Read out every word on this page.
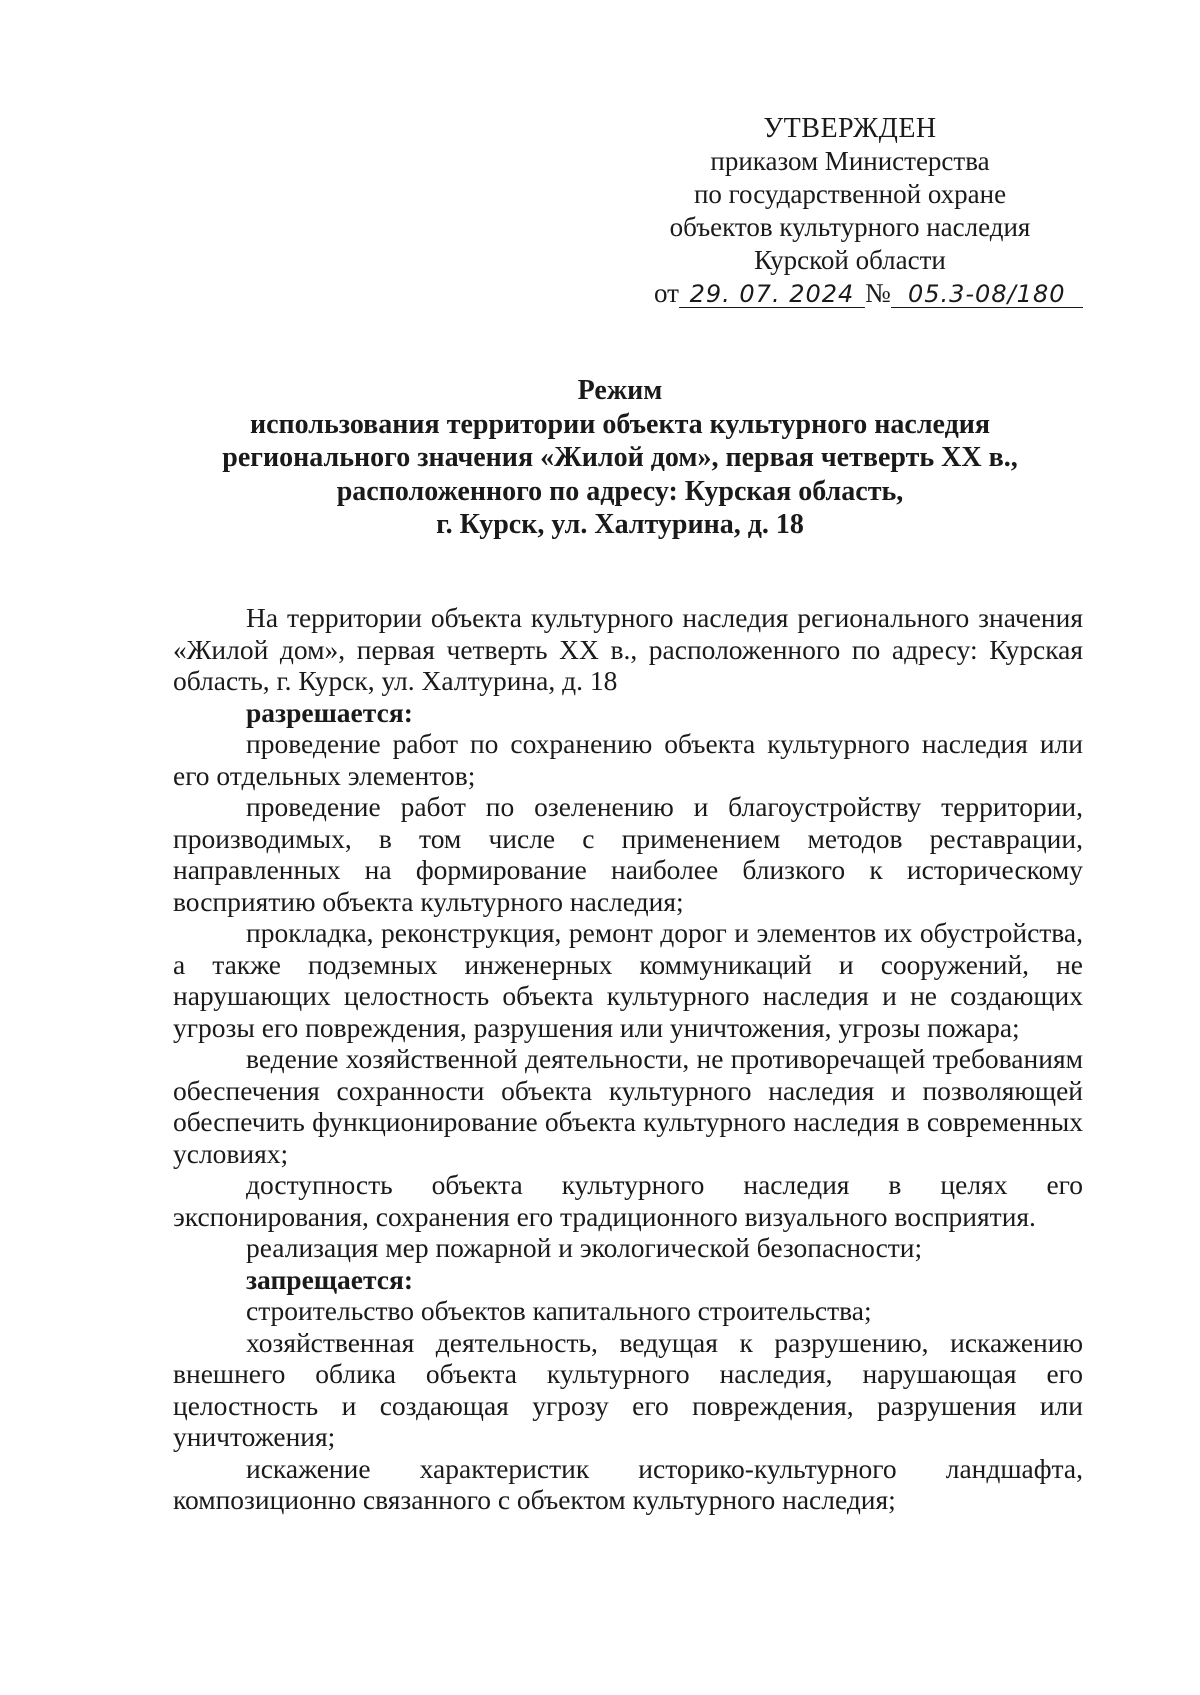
УТВЕРЖДЕН
приказом Министерства
по государственной охране
объектов культурного наследия
Курской области
от 29. 07. 2024 № 05.3-08/180
Режим
использования территории объекта культурного наследия
регионального значения «Жилой дом», первая четверть XX в.,
расположенного по адресу: Курская область,
г. Курск, ул. Халтурина, д. 18

На территории объекта культурного наследия регионального значения «Жилой дом», первая четверть XX в., расположенного по адресу: Курская область, г. Курск, ул. Халтурина, д. 18

разрешается:

проведение работ по сохранению объекта культурного наследия или его отдельных элементов;

проведение работ по озеленению и благоустройству территории, производимых, в том числе с применением методов реставрации, направленных на формирование наиболее близкого к историческому восприятию объекта культурного наследия;

прокладка, реконструкция, ремонт дорог и элементов их обустройства, а также подземных инженерных коммуникаций и сооружений, не нарушающих целостность объекта культурного наследия и не создающих угрозы его повреждения, разрушения или уничтожения, угрозы пожара;

ведение хозяйственной деятельности, не противоречащей требованиям обеспечения сохранности объекта культурного наследия и позволяющей обеспечить функционирование объекта культурного наследия в современных условиях;

доступность объекта культурного наследия в целях его экспонирования, сохранения его традиционного визуального восприятия.

реализация мер пожарной и экологической безопасности;

запрещается:

строительство объектов капитального строительства;

хозяйственная деятельность, ведущая к разрушению, искажению внешнего облика объекта культурного наследия, нарушающая его целостность и создающая угрозу его повреждения, разрушения или уничтожения;

искажение характеристик историко-культурного ландшафта, композиционно связанного с объектом культурного наследия;
